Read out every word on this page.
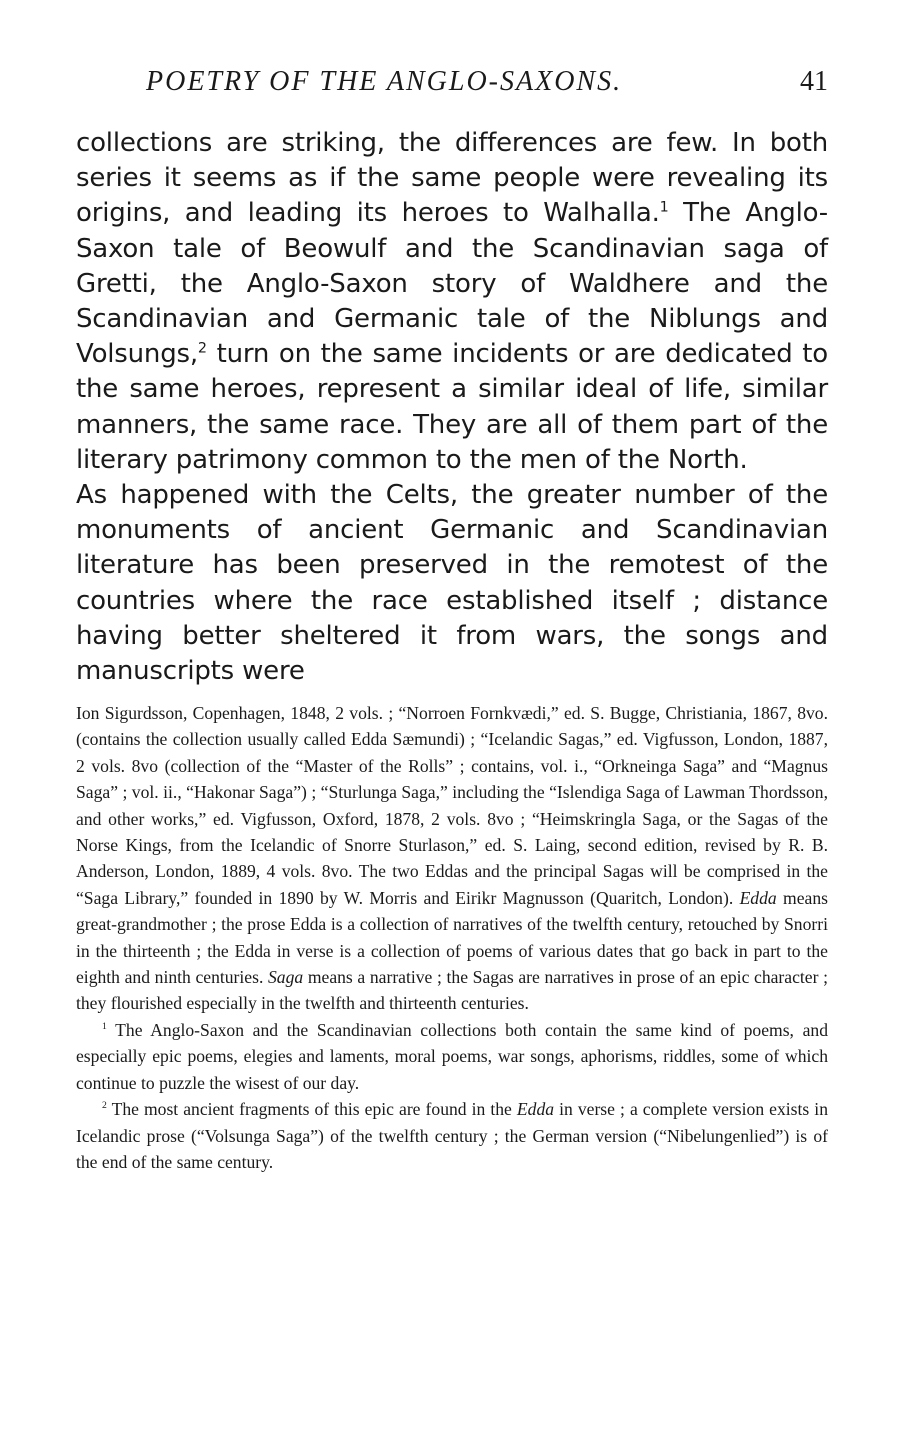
POETRY OF THE ANGLO-SAXONS.	41

collections are striking, the differences are few. In both series it seems as if the same people were revealing its origins, and leading its heroes to Walhalla.$^1$ The Anglo-Saxon tale of Beowulf and the Scandinavian saga of Gretti, the Anglo-Saxon story of Waldhere and the Scandinavian and Germanic tale of the Niblungs and Volsungs,$^2$ turn on the same incidents or are dedicated to the same heroes, represent a similar ideal of life, similar manners, the same race. They are all of them part of the literary patrimony common to the men of the North.

As happened with the Celts, the greater number of the monuments of ancient Germanic and Scandinavian literature has been preserved in the remotest of the countries where the race established itself ; distance having better sheltered it from wars, the songs and manuscripts were

Ion Sigurdsson, Copenhagen, 1848, 2 vols. ; “Norroen Fornkvædi,” ed. S. Bugge, Christiania, 1867, 8vo. (contains the collection usually called Edda Sæmundi) ; “Icelandic Sagas,” ed. Vigfusson, London, 1887, 2 vols. 8vo (collection of the “Master of the Rolls” ; contains, vol. i., “Orkneinga Saga” and “Magnus Saga” ; vol. ii., “Hakonar Saga”) ; “Sturlunga Saga,” including the “Islendiga Saga of Lawman Thordsson, and other works,” ed. Vigfusson, Oxford, 1878, 2 vols. 8vo ; “Heimskringla Saga, or the Sagas of the Norse Kings, from the Icelandic of Snorre Sturlason,” ed. S. Laing, second edition, revised by R. B. Anderson, London, 1889, 4 vols. 8vo. The two Eddas and the principal Sagas will be comprised in the “Saga Library,” founded in 1890 by W. Morris and Eirikr Magnusson (Quaritch, London). Edda means great-grandmother ; the prose Edda is a collection of narratives of the twelfth century, retouched by Snorri in the thirteenth ; the Edda in verse is a collection of poems of various dates that go back in part to the eighth and ninth centuries. Saga means a narrative ; the Sagas are narratives in prose of an epic character ; they flourished especially in the twelfth and thirteenth centuries.

$^1$ The Anglo-Saxon and the Scandinavian collections both contain the same kind of poems, and especially epic poems, elegies and laments, moral poems, war songs, aphorisms, riddles, some of which continue to puzzle the wisest of our day.

$^2$ The most ancient fragments of this epic are found in the Edda in verse ; a complete version exists in Icelandic prose (“Volsunga Saga”) of the twelfth century ; the German version (“Nibelungenlied”) is of the end of the same century.
